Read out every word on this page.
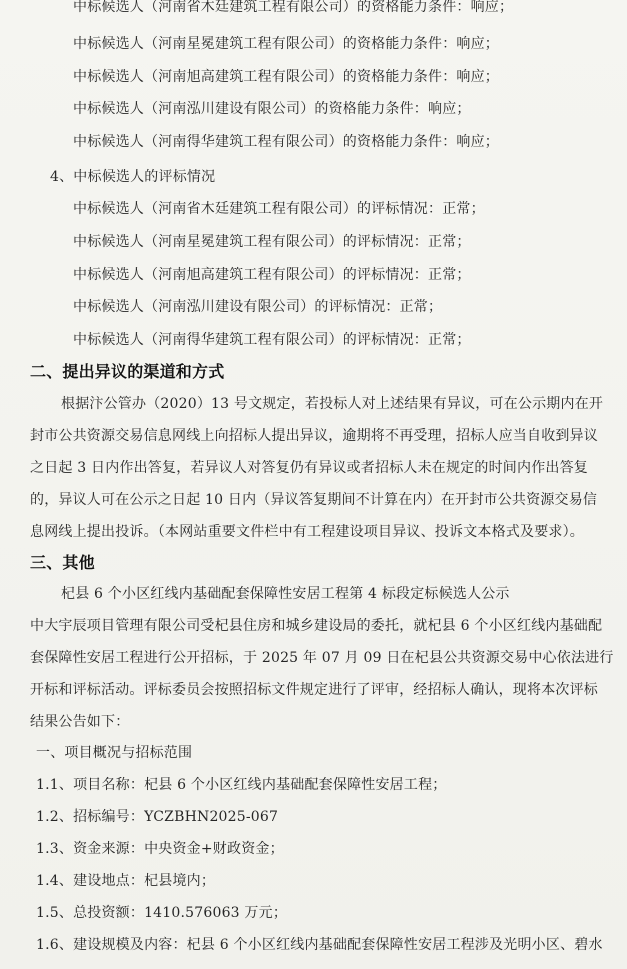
中标候选人（河南省木廷建筑工程有限公司）的资格能力条件：响应；
中标候选人（河南星冕建筑工程有限公司）的资格能力条件：响应；
中标候选人（河南旭高建筑工程有限公司）的资格能力条件：响应；
中标候选人（河南泓川建设有限公司）的资格能力条件：响应；
中标候选人（河南得华建筑工程有限公司）的资格能力条件：响应；
4、中标候选人的评标情况
中标候选人（河南省木廷建筑工程有限公司）的评标情况：正常；
中标候选人（河南星冕建筑工程有限公司）的评标情况：正常；
中标候选人（河南旭高建筑工程有限公司）的评标情况：正常；
中标候选人（河南泓川建设有限公司）的评标情况：正常；
中标候选人（河南得华建筑工程有限公司）的评标情况：正常；
二、提出异议的渠道和方式
根据汴公管办（2020）13 号文规定，若投标人对上述结果有异议，可在公示期内在开
封市公共资源交易信息网线上向招标人提出异议，逾期将不再受理，招标人应当自收到异议
之日起 3 日内作出答复，若异议人对答复仍有异议或者招标人未在规定的时间内作出答复
的，异议人可在公示之日起 10 日内（异议答复期间不计算在内）在开封市公共资源交易信
息网线上提出投诉。（本网站重要文件栏中有工程建设项目异议、投诉文本格式及要求）。
三、其他
杞县 6 个小区红线内基础配套保障性安居工程第 4 标段定标候选人公示
中大宇辰项目管理有限公司受杞县住房和城乡建设局的委托，就杞县 6 个小区红线内基础配
套保障性安居工程进行公开招标，于 2025 年 07 月 09 日在杞县公共资源交易中心依法进行
开标和评标活动。评标委员会按照招标文件规定进行了评审，经招标人确认，现将本次评标
结果公告如下：
一、项目概况与招标范围
1.1、项目名称：杞县 6 个小区红线内基础配套保障性安居工程；
1.2、招标编号：YCZBHN2025-067
1.3、资金来源：中央资金+财政资金；
1.4、建设地点：杞县境内；
1.5、总投资额：1410.576063 万元；
1.6、建设规模及内容：杞县 6 个小区红线内基础配套保障性安居工程涉及光明小区、碧水
